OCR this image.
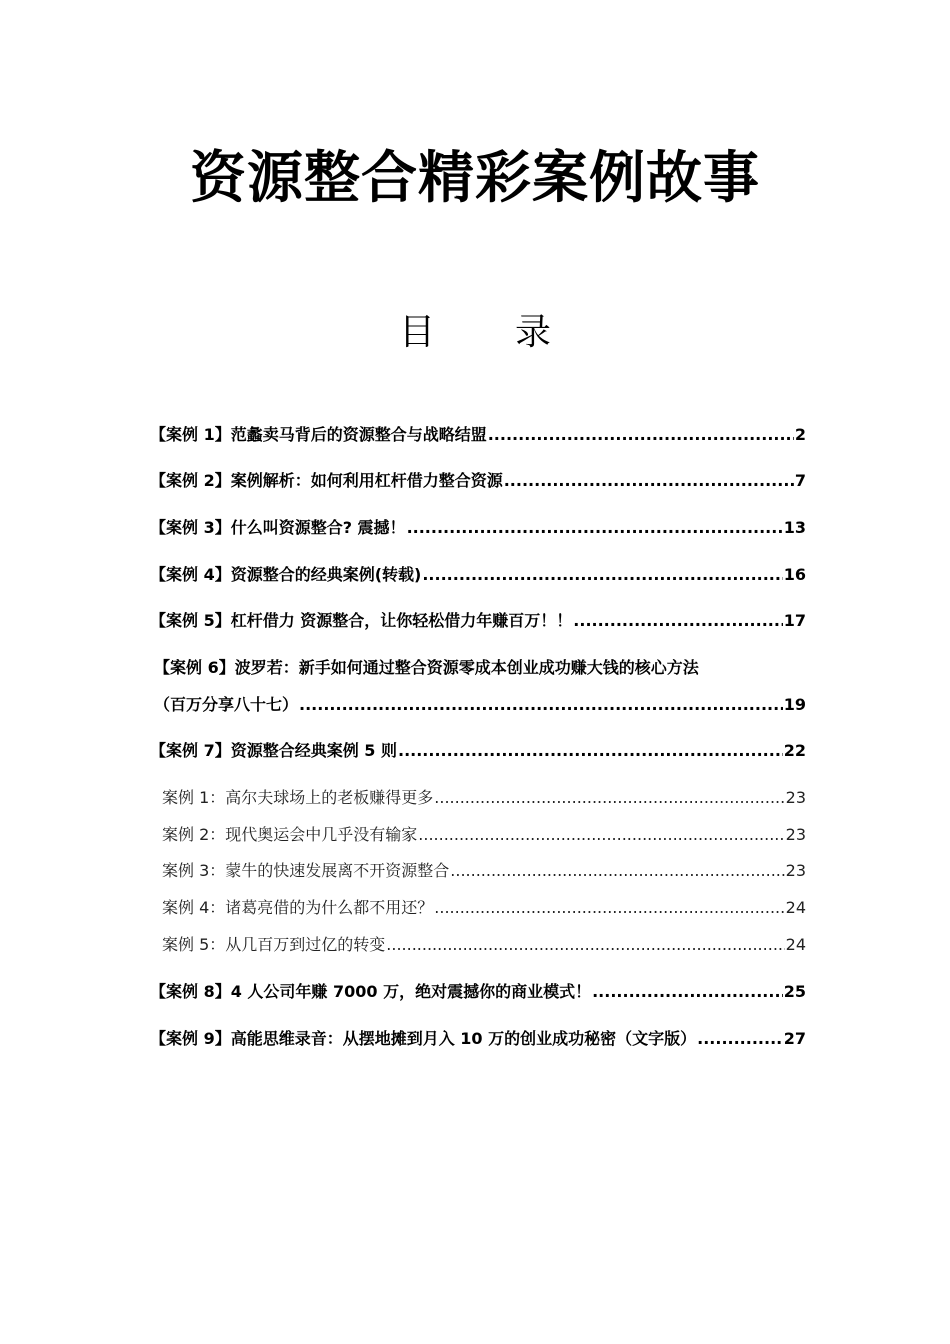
资源整合精彩案例故事
目 录
【案例 1】范蠡卖马背后的资源整合与战略结盟 .....	2
【案例 2】案例解析：如何利用杠杆借力整合资源 .....	7
【案例 3】什么叫资源整合? 震撼！ .....	13
【案例 4】资源整合的经典案例(转载) .....	16
【案例 5】杠杆借力 资源整合，让你轻松借力年赚百万！！ .....	17
【案例 6】波罗若：新手如何通过整合资源零成本创业成功赚大钱的核心方法
（百万分享八十七） .....	19
【案例 7】资源整合经典案例 5 则 .....	22
案例 1：高尔夫球场上的老板赚得更多 .....	23
案例 2：现代奥运会中几乎没有输家 .....	23
案例 3：蒙牛的快速发展离不开资源整合 .....	23
案例 4：诸葛亮借的为什么都不用还？ .....	24
案例 5：从几百万到过亿的转变 .....	24
【案例 8】4 人公司年赚 7000 万，绝对震撼你的商业模式！ .....	25
【案例 9】高能思维录音：从摆地摊到月入 10 万的创业成功秘密（文字版） .....	27
